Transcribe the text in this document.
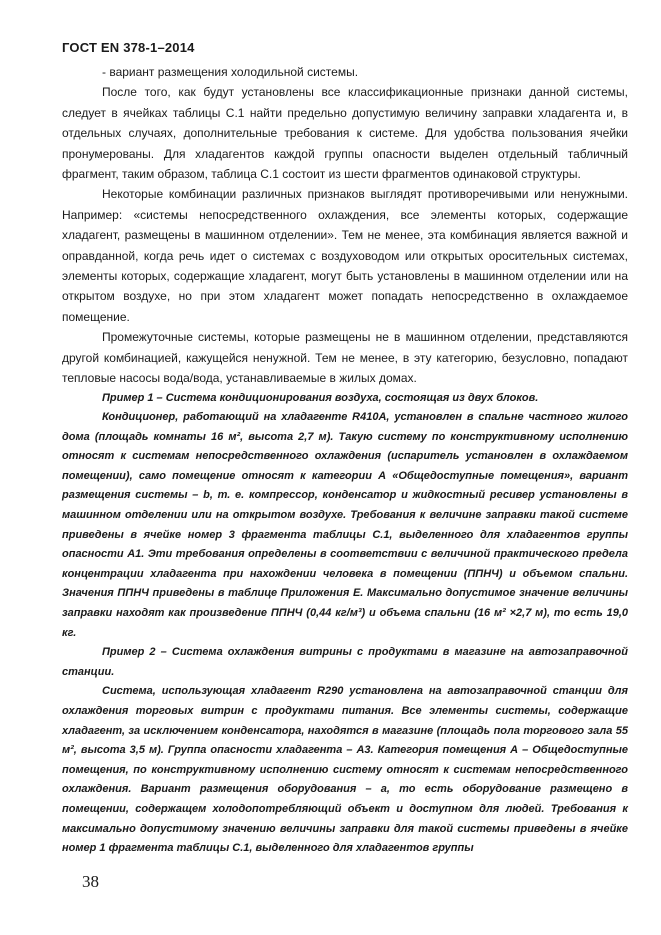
ГОСТ EN 378-1–2014

- вариант размещения холодильной системы.

После того, как будут установлены все классификационные признаки данной системы, следует в ячейках таблицы С.1 найти предельно допустимую величину заправки хладагента и, в отдельных случаях, дополнительные требования к системе. Для удобства пользования ячейки пронумерованы. Для хладагентов каждой группы опасности выделен отдельный табличный фрагмент, таким образом, таблица С.1 состоит из шести фрагментов одинаковой структуры.

Некоторые комбинации различных признаков выглядят противоречивыми или ненужными. Например: «системы непосредственного охлаждения, все элементы которых, содержащие хладагент, размещены в машинном отделении». Тем не менее, эта комбинация является важной и оправданной, когда речь идет о системах с воздуховодом или открытых оросительных системах, элементы которых, содержащие хладагент, могут быть установлены в машинном отделении или на открытом воздухе, но при этом хладагент может попадать непосредственно в охлаждаемое помещение.

Промежуточные системы, которые размещены не в машинном отделении, представляются другой комбинацией, кажущейся ненужной. Тем не менее, в эту категорию, безусловно, попадают тепловые насосы вода/вода, устанавливаемые в жилых домах.

Пример 1 – Система кондиционирования воздуха, состоящая из двух блоков.

Кондиционер, работающий на хладагенте R410A, установлен в спальне частного жилого дома (площадь комнаты 16 м², высота 2,7 м). Такую систему по конструктивному исполнению относят к системам непосредственного охлаждения (испаритель установлен в охлаждаемом помещении), само помещение относят к категории А «Общедоступные помещения», вариант размещения системы – b, т. е. компрессор, конденсатор и жидкостный ресивер установлены в машинном отделении или на открытом воздухе. Требования к величине заправки такой системе приведены в ячейке номер 3 фрагмента таблицы С.1, выделенного для хладагентов группы опасности А1. Эти требования определены в соответствии с величиной практического предела концентрации хладагента при нахождении человека в помещении (ППНЧ) и объемом спальни. Значения ППНЧ приведены в таблице Приложения Е. Максимально допустимое значение величины заправки находят как произведение ППНЧ (0,44 кг/м³) и объема спальни (16 м² ×2,7 м), то есть 19,0 кг.

Пример 2 – Система охлаждения витрины с продуктами в магазине на автозаправочной станции.

Система, использующая хладагент R290 установлена на автозаправочной станции для охлаждения торговых витрин с продуктами питания. Все элементы системы, содержащие хладагент, за исключением конденсатора, находятся в магазине (площадь пола торгового зала 55 м², высота 3,5 м). Группа опасности хладагента – А3. Категория помещения А – Общедоступные помещения, по конструктивному исполнению систему относят к системам непосредственного охлаждения. Вариант размещения оборудования – a, то есть оборудование размещено в помещении, содержащем холодопотребляющий объект и доступном для людей. Требования к максимально допустимому значению величины заправки для такой системы приведены в ячейке номер 1 фрагмента таблицы С.1, выделенного для хладагентов группы

38
